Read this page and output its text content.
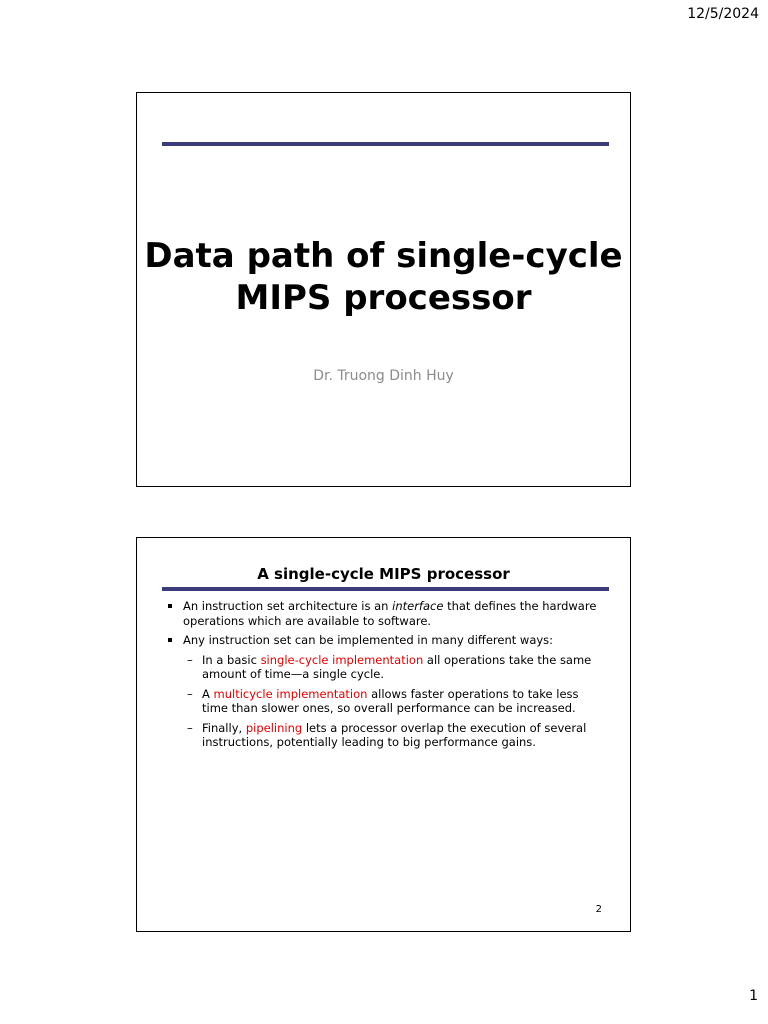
12/5/2024
Data path of single-cycle
MIPS processor
Dr. Truong Dinh Huy
A single-cycle MIPS processor
An instruction set architecture is an interface that defines the hardware operations which are available to software.
Any instruction set can be implemented in many different ways:
– In a basic single-cycle implementation all operations take the same amount of time—a single cycle.
– A multicycle implementation allows faster operations to take less time than slower ones, so overall performance can be increased.
– Finally, pipelining lets a processor overlap the execution of several instructions, potentially leading to big performance gains.
2
1
